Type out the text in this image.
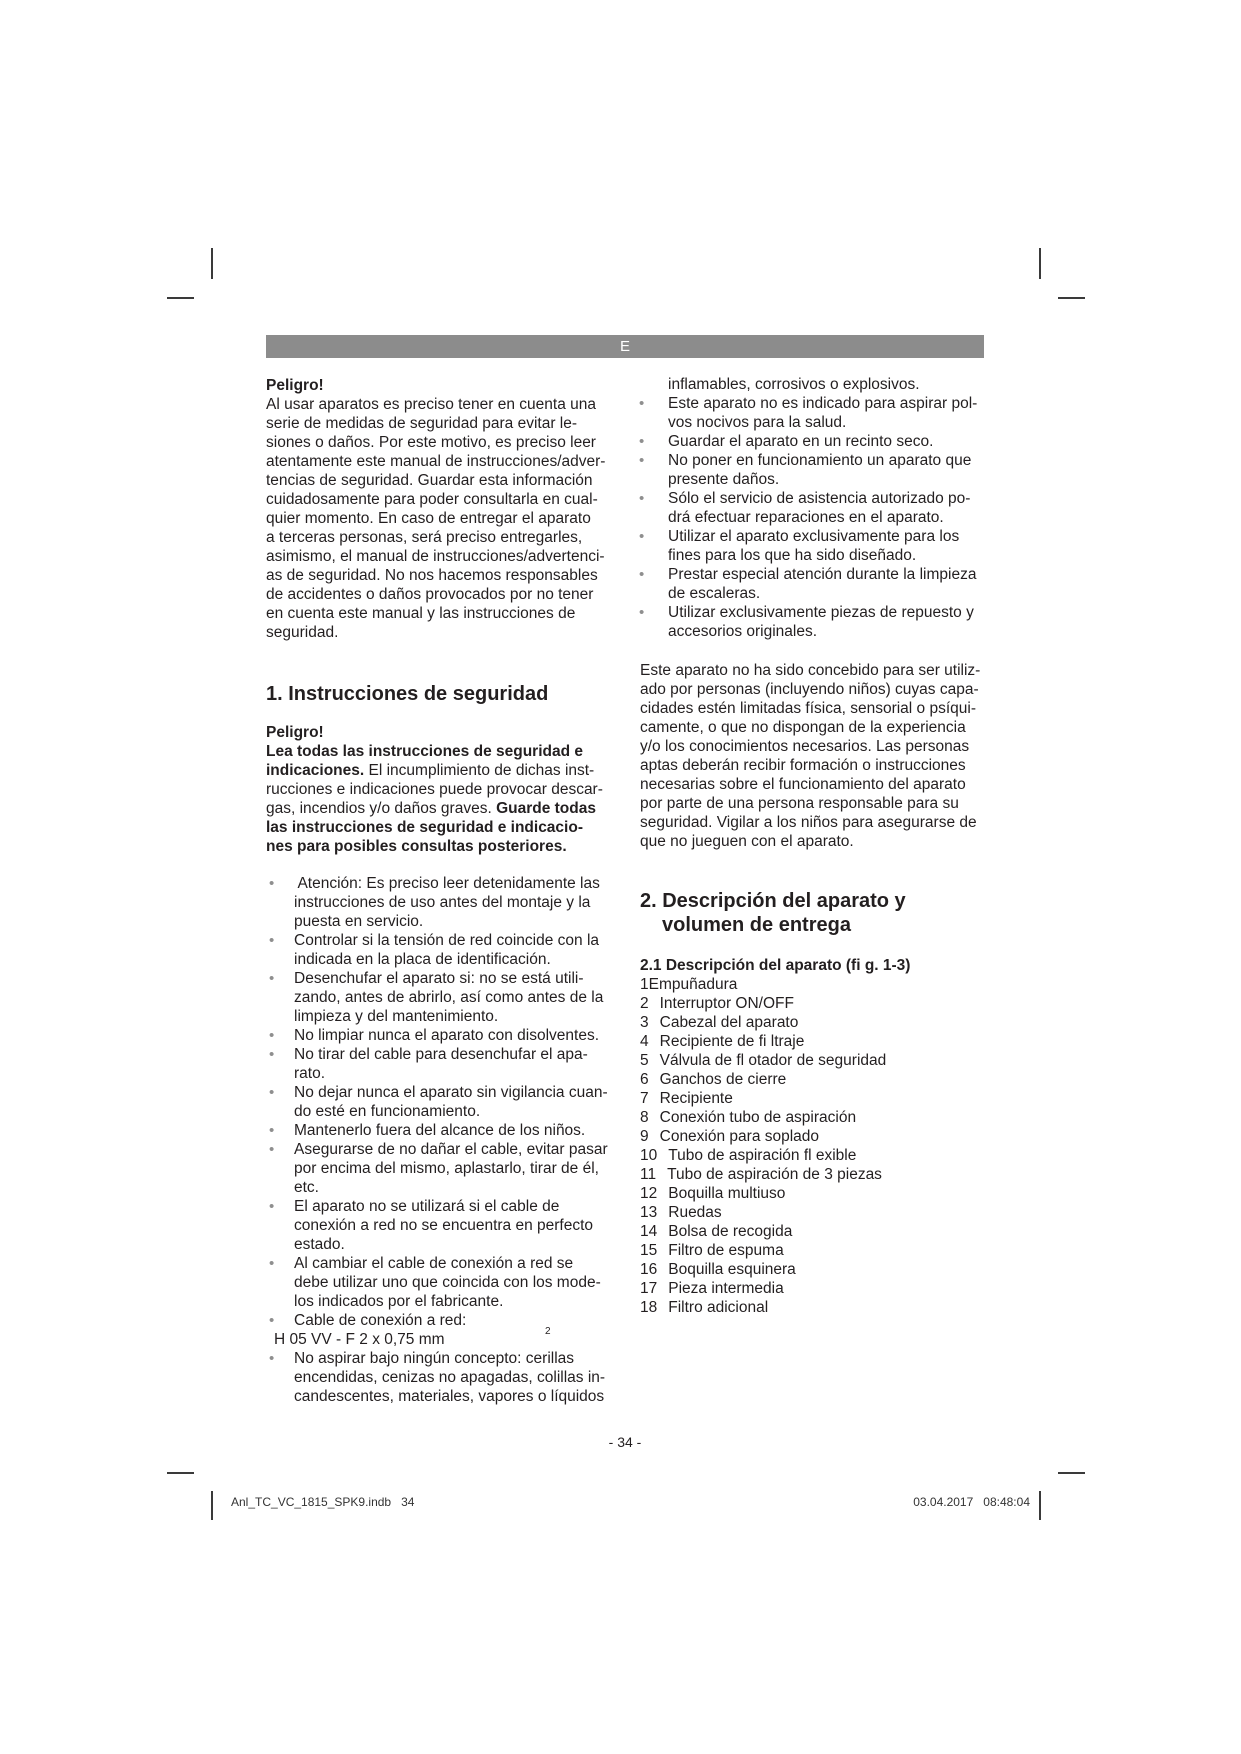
E
Peligro!
Al usar aparatos es preciso tener en cuenta una
serie de medidas de seguridad para evitar le-
siones o daños. Por este motivo, es preciso leer
atentamente este manual de instrucciones/adver-
tencias de seguridad. Guardar esta información
cuidadosamente para poder consultarla en cual-
quier momento. En caso de entregar el aparato
a terceras personas, será preciso entregarles,
asimismo, el manual de instrucciones/advertenci-
as de seguridad. No nos hacemos responsables
de accidentes o daños provocados por no tener
en cuenta este manual y las instrucciones de
seguridad.
1. Instrucciones de seguridad
Peligro!
Lea todas las instrucciones de seguridad e
indicaciones. El incumplimiento de dichas inst-
rucciones e indicaciones puede provocar descar-
gas, incendios y/o daños graves. Guarde todas
las instrucciones de seguridad e indicacio-
nes para posibles consultas posteriores.
•
Atención: Es preciso leer detenidamente las
instrucciones de uso antes del montaje y la
puesta en servicio.
•
Controlar si la tensión de red coincide con la
indicada en la placa de identificación.
•
Desenchufar el aparato si: no se está utili-
zando, antes de abrirlo, así como antes de la
limpieza y del mantenimiento.
•
No limpiar nunca el aparato con disolventes.
•
No tirar del cable para desenchufar el apa-
rato.
•
No dejar nunca el aparato sin vigilancia cuan-
do esté en funcionamiento.
•
Mantenerlo fuera del alcance de los niños.
•
Asegurarse de no dañar el cable, evitar pasar
por encima del mismo, aplastarlo, tirar de él,
etc.
•
El aparato no se utilizará si el cable de
conexión a red no se encuentra en perfecto
estado.
•
Al cambiar el cable de conexión a red se
debe utilizar uno que coincida con los mode-
los indicados por el fabricante.
•
Cable de conexión a red:
H 05 VV - F 2 x 0,75 mm	2
•
No aspirar bajo ningún concepto: cerillas
encendidas, cenizas no apagadas, colillas in-
candescentes, materiales, vapores o líquidos
inflamables, corrosivos o explosivos.
•
Este aparato no es indicado para aspirar pol-
vos nocivos para la salud.
•
Guardar el aparato en un recinto seco.
•
No poner en funcionamiento un aparato que
presente daños.
•
Sólo el servicio de asistencia autorizado po-
drá efectuar reparaciones en el aparato.
•
Utilizar el aparato exclusivamente para los
fines para los que ha sido diseñado.
•
Prestar especial atención durante la limpieza
de escaleras.
•
Utilizar exclusivamente piezas de repuesto y
accesorios originales.
Este aparato no ha sido concebido para ser utiliz-
ado por personas (incluyendo niños) cuyas capa-
cidades estén limitadas física, sensorial o psíqui-
camente, o que no dispongan de la experiencia
y/o los conocimientos necesarios. Las personas
aptas deberán recibir formación o instrucciones
necesarias sobre el funcionamiento del aparato
por parte de una persona responsable para su
seguridad. Vigilar a los niños para asegurarse de
que no jueguen con el aparato.
2. Descripción del aparato y
volumen de entrega
2.1 Descripción del aparato (fi g. 1-3)
1Empuñadura
2 Interruptor ON/OFF
3 Cabezal del aparato
4 Recipiente de fi ltraje
5 Válvula de fl otador de seguridad
6 Ganchos de cierre
7 Recipiente
8 Conexión tubo de aspiración
9 Conexión para soplado
10 Tubo de aspiración fl exible
11 Tubo de aspiración de 3 piezas
12 Boquilla multiuso
13 Ruedas
14 Bolsa de recogida
15 Filtro de espuma
16 Boquilla esquinera
17 Pieza intermedia
18 Filtro adicional
- 34 -
Anl_TC_VC_1815_SPK9.indb   34	03.04.2017   08:48:04
